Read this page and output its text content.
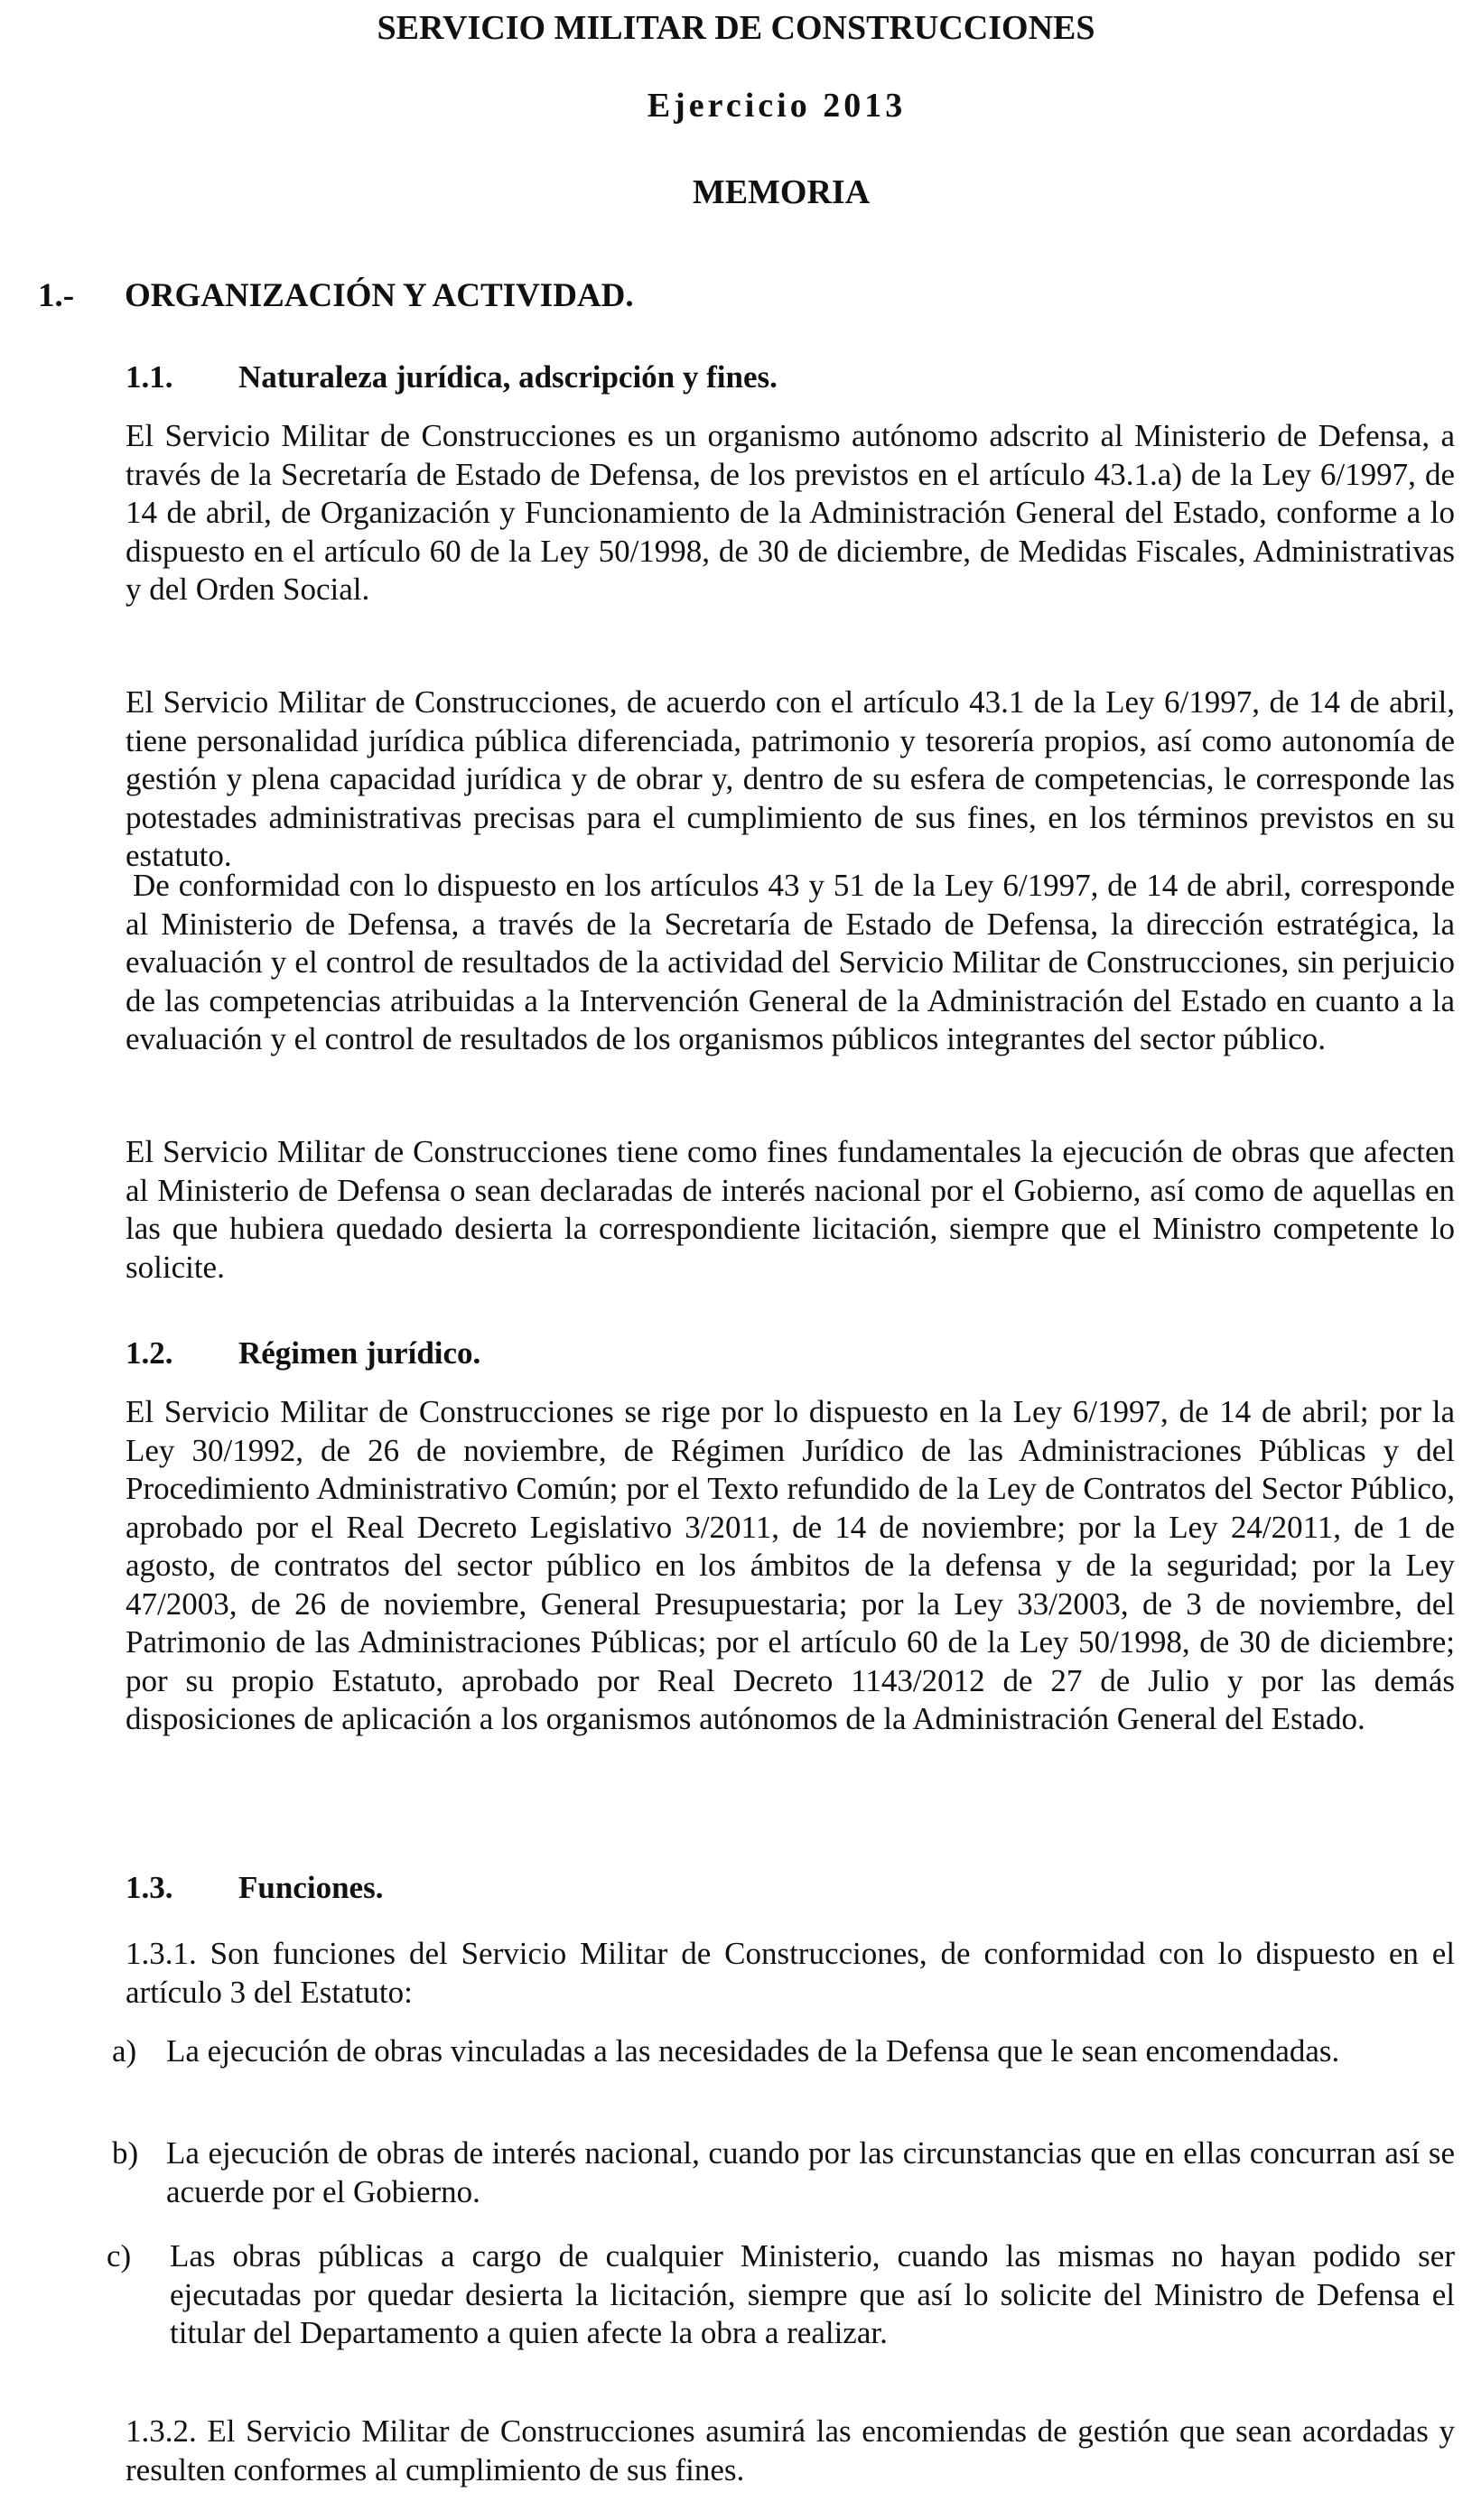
SERVICIO MILITAR DE CONSTRUCCIONES
Ejercicio 2013
MEMORIA
1.- ORGANIZACIÓN Y ACTIVIDAD.
1.1. Naturaleza jurídica, adscripción y fines.
El Servicio Militar de Construcciones es un organismo autónomo adscrito al Ministerio de Defensa, a través de la Secretaría de Estado de Defensa, de los previstos en el artículo 43.1.a) de la Ley 6/1997, de 14 de abril, de Organización y Funcionamiento de la Administración General del Estado, conforme a lo dispuesto en el artículo 60 de la Ley 50/1998, de 30 de diciembre, de Medidas Fiscales, Administrativas y del Orden Social.
El Servicio Militar de Construcciones, de acuerdo con el artículo 43.1 de la Ley 6/1997, de 14 de abril, tiene personalidad jurídica pública diferenciada, patrimonio y tesorería propios, así como autonomía de gestión y plena capacidad jurídica y de obrar y, dentro de su esfera de competencias, le corresponde las potestades administrativas precisas para el cumplimiento de sus fines, en los términos previstos en su estatuto.
De conformidad con lo dispuesto en los artículos 43 y 51 de la Ley 6/1997, de 14 de abril, corresponde al Ministerio de Defensa, a través de la Secretaría de Estado de Defensa, la dirección estratégica, la evaluación y el control de resultados de la actividad del Servicio Militar de Construcciones, sin perjuicio de las competencias atribuidas a la Intervención General de la Administración del Estado en cuanto a la evaluación y el control de resultados de los organismos públicos integrantes del sector público.
El Servicio Militar de Construcciones tiene como fines fundamentales la ejecución de obras que afecten al Ministerio de Defensa o sean declaradas de interés nacional por el Gobierno, así como de aquellas en las que hubiera quedado desierta la correspondiente licitación, siempre que el Ministro competente lo solicite.
1.2. Régimen jurídico.
El Servicio Militar de Construcciones se rige por lo dispuesto en la Ley 6/1997, de 14 de abril; por la Ley 30/1992, de 26 de noviembre, de Régimen Jurídico de las Administraciones Públicas y del Procedimiento Administrativo Común; por el Texto refundido de la Ley de Contratos del Sector Público, aprobado por el Real Decreto Legislativo 3/2011, de 14 de noviembre; por la Ley 24/2011, de 1 de agosto, de contratos del sector público en los ámbitos de la defensa y de la seguridad; por la Ley 47/2003, de 26 de noviembre, General Presupuestaria; por la Ley 33/2003, de 3 de noviembre, del Patrimonio de las Administraciones Públicas; por el artículo 60 de la Ley 50/1998, de 30 de diciembre; por su propio Estatuto, aprobado por Real Decreto 1143/2012 de 27 de Julio y por las demás disposiciones de aplicación a los organismos autónomos de la Administración General del Estado.
1.3. Funciones.
1.3.1. Son funciones del Servicio Militar de Construcciones, de conformidad con lo dispuesto en el artículo 3 del Estatuto:
a) La ejecución de obras vinculadas a las necesidades de la Defensa que le sean encomendadas.
b) La ejecución de obras de interés nacional, cuando por las circunstancias que en ellas concurran así se acuerde por el Gobierno.
c) Las obras públicas a cargo de cualquier Ministerio, cuando las mismas no hayan podido ser ejecutadas por quedar desierta la licitación, siempre que así lo solicite del Ministro de Defensa el titular del Departamento a quien afecte la obra a realizar.
1.3.2. El Servicio Militar de Construcciones asumirá las encomiendas de gestión que sean acordadas y resulten conformes al cumplimiento de sus fines.
